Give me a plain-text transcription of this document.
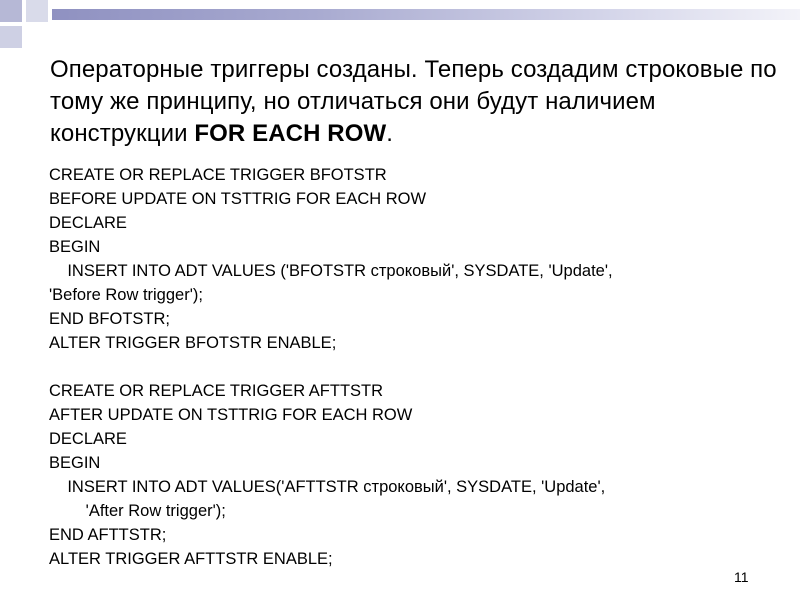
Операторные триггеры созданы. Теперь создадим строковые по тому же принципу, но отличаться они будут наличием конструкции FOR EACH ROW.
CREATE OR REPLACE TRIGGER BFOTSTR
BEFORE UPDATE ON TSTTRIG FOR EACH ROW
DECLARE
BEGIN
INSERT INTO ADT VALUES ('BFOTSTR строковый', SYSDATE, 'Update',
'Before Row trigger');
END BFOTSTR;
ALTER TRIGGER BFOTSTR ENABLE;
CREATE OR REPLACE TRIGGER AFTTSTR
AFTER UPDATE ON TSTTRIG FOR EACH ROW
DECLARE
BEGIN
INSERT INTO ADT VALUES('AFTTSTR строковый', SYSDATE, 'Update',
'After Row trigger');
END AFTTSTR;
ALTER TRIGGER AFTTSTR ENABLE;
11
